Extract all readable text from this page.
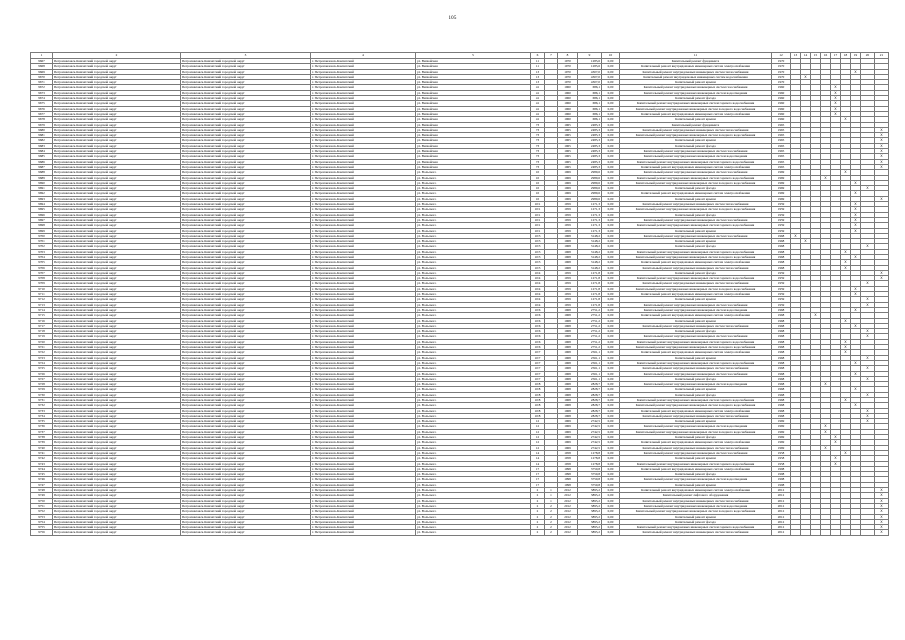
105
1	2	3	4	5	6	7	8	9	10	11	12	13	14	15	16	17	18	19	20	21
9667	Петропавловск-Камчатский городской округ	Петропавловск-Камчатский городской округ	г. Петропавловск-Камчатский	ул. Вилюйская	11		1970	1285,6	0,00	Капитальный ремонт фундамента	1970									
9668	Петропавловск-Камчатский городской округ	Петропавловск-Камчатский городской округ	г. Петропавловск-Камчатский	ул. Вилюйская	11		1970	1285,6	0,00	Капитальный ремонт внутридомовых инженерных систем электроснабжения	1970									
9669	Петропавловск-Камчатский городской округ	Петропавловск-Камчатский городской округ	г. Петропавловск-Камчатский	ул. Вилюйская	13		1970	4307,0	0,00	Капитальный ремонт внутридомовых инженерных систем теплоснабжения	1970							X		
9670	Петропавловск-Камчатский городской округ	Петропавловск-Камчатский городской округ	г. Петропавловск-Камчатский	ул. Вилюйская	13		1970	4307,0	0,00	Капитальный ремонт внутридомовых инженерных систем водоснабжения	1970		X							
9671	Петропавловск-Камчатский городской округ	Петропавловск-Камчатский городской округ	г. Петропавловск-Камчатский	ул. Вилюйская	13		1970	4307,0	0,00	Капитальный ремонт крыши	1970									
9672	Петропавловск-Камчатский городской округ	Петропавловск-Камчатский городской округ	г. Петропавловск-Камчатский	ул. Вилюйская	41		1960	686,1	0,00	Капитальный ремонт внутридомовых инженерных систем газоснабжения	1960					X				
9673	Петропавловск-Камчатский городской округ	Петропавловск-Камчатский городской округ	г. Петропавловск-Камчатский	ул. Вилюйская	41		1960	686,1	0,00	Капитальный ремонт внутридомовых инженерных систем водоотведения	1960					X				
9674	Петропавловск-Камчатский городской округ	Петропавловск-Камчатский городской округ	г. Петропавловск-Камчатский	ул. Вилюйская	41		1960	686,1	0,00	Капитальный ремонт фасада	1960					X				
9675	Петропавловск-Камчатский городской округ	Петропавловск-Камчатский городской округ	г. Петропавловск-Камчатский	ул. Вилюйская	41		1960	686,1	0,00	Капитальный ремонт внутридомовых инженерных систем горячего водоснабжения	1960					X				
9676	Петропавловск-Камчатский городской округ	Петропавловск-Камчатский городской округ	г. Петропавловск-Камчатский	ул. Вилюйская	41		1960	686,1	0,00	Капитальный ремонт внутридомовых инженерных систем холодного водоснабжения	1960					X				
9677	Петропавловск-Камчатский городской округ	Петропавловск-Камчатский городской округ	г. Петропавловск-Камчатский	ул. Вилюйская	41		1960	686,1	0,00	Капитальный ремонт внутридомовых инженерных систем электроснабжения	1960					X				
9678	Петропавловск-Камчатский городской округ	Петропавловск-Камчатский городской округ	г. Петропавловск-Камчатский	ул. Вилюйская	41		1960	686,1	0,00	Капитальный ремонт крыши	1960						X			
9679	Петропавловск-Камчатский городской округ	Петропавловск-Камчатский городской округ	г. Петропавловск-Камчатский	ул. Вилюйская	73		1965	2485,3	0,00	Капитальный ремонт фундамента	1965									
9680	Петропавловск-Камчатский городской округ	Петропавловск-Камчатский городской округ	г. Петропавловск-Камчатский	ул. Вилюйская	73		1965	2485,3	0,00	Капитальный ремонт внутридомовых инженерных систем теплоснабжения	1965									X
9681	Петропавловск-Камчатский городской округ	Петропавловск-Камчатский городской округ	г. Петропавловск-Камчатский	ул. Вилюйская	73		1965	2485,3	0,00	Капитальный ремонт внутридомовых инженерных систем холодного водоснабжения	1965									X
9682	Петропавловск-Камчатский городской округ	Петропавловск-Камчатский городской округ	г. Петропавловск-Камчатский	ул. Вилюйская	73		1965	2485,3	0,00	Капитальный ремонт крыши	1965									X
9683	Петропавловск-Камчатский городской округ	Петропавловск-Камчатский городской округ	г. Петропавловск-Камчатский	ул. Вилюйская	73		1965	2485,3	0,00	Капитальный ремонт фасада	1965									X
9684	Петропавловск-Камчатский городской округ	Петропавловск-Камчатский городской округ	г. Петропавловск-Камчатский	ул. Вилюйская	73		1965	2485,3	0,00	Капитальный ремонт внутридомовых инженерных систем газоснабжения	1965									X
9685	Петропавловск-Камчатский городской округ	Петропавловск-Камчатский городской округ	г. Петропавловск-Камчатский	ул. Вилюйская	73		1965	2485,3	0,00	Капитальный ремонт внутридомовых инженерных систем водоотведения	1965									X
9686	Петропавловск-Камчатский городской округ	Петропавловск-Камчатский городской округ	г. Петропавловск-Камчатский	ул. Вилюйская	73		1965	2485,3	0,00	Капитальный ремонт внутридомовых инженерных систем горячего водоснабжения	1965									X
9687	Петропавловск-Камчатский городской округ	Петропавловск-Камчатский городской округ	г. Петропавловск-Камчатский	ул. Вилюйская	73		1965	2485,3	0,00	Капитальный ремонт внутридомовых инженерных систем электроснабжения	1965									X
9688	Петропавловск-Камчатский городской округ	Петропавловск-Камчатский городской округ	г. Петропавловск-Камчатский	ул. Вольского	10		1969	2989,6	0,00	Капитальный ремонт внутридомовых инженерных систем газоснабжения	1969						X			
9689	Петропавловск-Камчатский городской округ	Петропавловск-Камчатский городской округ	г. Петропавловск-Камчатский	ул. Вольского	10		1969	2989,6	0,00	Капитальный ремонт внутридомовых инженерных систем горячего водоснабжения	1969				X					
9690	Петропавловск-Камчатский городской округ	Петропавловск-Камчатский городской округ	г. Петропавловск-Камчатский	ул. Вольского	10		1969	2989,6	0,00	Капитальный ремонт внутридомовых инженерных систем холодного водоснабжения	1969							X		
9691	Петропавловск-Камчатский городской округ	Петропавловск-Камчатский городской округ	г. Петропавловск-Камчатский	ул. Вольского	10		1969	2989,6	0,00	Капитальный ремонт фасада	1969								X	
9692	Петропавловск-Камчатский городской округ	Петропавловск-Камчатский городской округ	г. Петропавловск-Камчатский	ул. Вольского	10		1969	2989,6	0,00	Капитальный ремонт внутридомовых инженерных систем электроснабжения	1969							X		
9693	Петропавловск-Камчатский городской округ	Петропавловск-Камчатский городской округ	г. Петропавловск-Камчатский	ул. Вольского	10		1969	2989,6	0,00	Капитальный ремонт крыши	1969									X
9694	Петропавловск-Камчатский городской округ	Петропавловск-Камчатский городской округ	г. Петропавловск-Камчатский	ул. Вольского	10/1		1959	1271,3	0,00	Капитальный ремонт внутридомовых инженерных систем теплоснабжения	1959							X		
9695	Петропавловск-Камчатский городской округ	Петропавловск-Камчатский городской округ	г. Петропавловск-Камчатский	ул. Вольского	10/1		1959	1271,3	0,00	Капитальный ремонт внутридомовых инженерных систем холодного водоснабжения	1959							X		
9696	Петропавловск-Камчатский городской округ	Петропавловск-Камчатский городской округ	г. Петропавловск-Камчатский	ул. Вольского	10/1		1959	1271,3	0,00	Капитальный ремонт фасада	1959							X		
9697	Петропавловск-Камчатский городской округ	Петропавловск-Камчатский городской округ	г. Петропавловск-Камчатский	ул. Вольского	10/1		1959	1271,3	0,00	Капитальный ремонт внутридомовых инженерных систем газоснабжения	1959							X		
9698	Петропавловск-Камчатский городской округ	Петропавловск-Камчатский городской округ	г. Петропавловск-Камчатский	ул. Вольского	10/1		1959	1271,3	0,00	Капитальный ремонт внутридомовых инженерных систем горячего водоснабжения	1959							X		
9699	Петропавловск-Камчатский городской округ	Петропавловск-Камчатский городской округ	г. Петропавловск-Камчатский	ул. Вольского	10/1		1959	1271,3	0,00	Капитальный ремонт крыши	1959							X		
9700	Петропавловск-Камчатский городской округ	Петропавловск-Камчатский городской округ	г. Петропавловск-Камчатский	ул. Вольского	10/3		1968	3148,2	0,00	Капитальный ремонт внутридомовых инженерных систем газоснабжения	1968	X								
9701	Петропавловск-Камчатский городской округ	Петропавловск-Камчатский городской округ	г. Петропавловск-Камчатский	ул. Вольского	10/3		1968	3148,2	0,00	Капитальный ремонт крыши	1968		X							
9702	Петропавловск-Камчатский городской округ	Петропавловск-Камчатский городской округ	г. Петропавловск-Камчатский	ул. Вольского	10/3		1968	3148,2	0,00	Капитальный ремонт фасада	1968								X	
9703	Петропавловск-Камчатский городской округ	Петропавловск-Камчатский городской округ	г. Петропавловск-Камчатский	ул. Вольского	10/3		1968	3148,2	0,00	Капитальный ремонт внутридомовых инженерных систем горячего водоснабжения	1968						X			
9704	Петропавловск-Камчатский городской округ	Петропавловск-Камчатский городской округ	г. Петропавловск-Камчатский	ул. Вольского	10/3		1968	3148,2	0,00	Капитальный ремонт внутридомовых инженерных систем холодного водоснабжения	1968							X		
9705	Петропавловск-Камчатский городской округ	Петропавловск-Камчатский городской округ	г. Петропавловск-Камчатский	ул. Вольского	10/3		1968	3148,2	0,00	Капитальный ремонт внутридомовых инженерных систем электроснабжения	1968						X			
9706	Петропавловск-Камчатский городской округ	Петропавловск-Камчатский городской округ	г. Петропавловск-Камчатский	ул. Вольского	10/3		1968	3148,2	0,00	Капитальный ремонт внутридомовых инженерных систем теплоснабжения	1968						X			
9707	Петропавловск-Камчатский городской округ	Петропавловск-Камчатский городской округ	г. Петропавловск-Камчатский	ул. Вольского	10/4		1959	1271,8	0,00	Капитальный ремонт фасада	1959									X
9708	Петропавловск-Камчатский городской округ	Петропавловск-Камчатский городской округ	г. Петропавловск-Камчатский	ул. Вольского	10/4		1959	1271,8	0,00	Капитальный ремонт внутридомовых инженерных систем горячего водоснабжения	1959									X
9709	Петропавловск-Камчатский городской округ	Петропавловск-Камчатский городской округ	г. Петропавловск-Камчатский	ул. Вольского	10/4		1959	1271,8	0,00	Капитальный ремонт внутридомовых инженерных систем теплоснабжения	1959								X	
9710	Петропавловск-Камчатский городской округ	Петропавловск-Камчатский городской округ	г. Петропавловск-Камчатский	ул. Вольского	10/4		1959	1271,8	0,00	Капитальный ремонт внутридомовых инженерных систем холодного водоснабжения	1959							X		
9711	Петропавловск-Камчатский городской округ	Петропавловск-Камчатский городской округ	г. Петропавловск-Камчатский	ул. Вольского	10/4		1959	1271,8	0,00	Капитальный ремонт внутридомовых инженерных систем электроснабжения	1959							X		
9712	Петропавловск-Камчатский городской округ	Петропавловск-Камчатский городской округ	г. Петропавловск-Камчатский	ул. Вольского	10/4		1959	1271,8	0,00	Капитальный ремонт крыши	1959								X	
9713	Петропавловск-Камчатский городской округ	Петропавловск-Камчатский городской округ	г. Петропавловск-Камчатский	ул. Вольского	10/4		1959	1271,8	0,00	Капитальный ремонт внутридомовых инженерных систем газоснабжения	1959								X	
9714	Петропавловск-Камчатский городской округ	Петропавловск-Камчатский городской округ	г. Петропавловск-Камчатский	ул. Вольского	10/6		1968	2751,2	0,00	Капитальный ремонт внутридомовых инженерных систем водоотведения	1968							X		
9715	Петропавловск-Камчатский городской округ	Петропавловск-Камчатский городской округ	г. Петропавловск-Камчатский	ул. Вольского	10/6		1968	2751,2	0,00	Капитальный ремонт внутридомовых инженерных систем электроснабжения	1968			X						
9716	Петропавловск-Камчатский городской округ	Петропавловск-Камчатский городской округ	г. Петропавловск-Камчатский	ул. Вольского	10/6		1968	2751,2	0,00	Капитальный ремонт крыши	1968						X			
9717	Петропавловск-Камчатский городской округ	Петропавловск-Камчатский городской округ	г. Петропавловск-Камчатский	ул. Вольского	10/6		1968	2751,2	0,00	Капитальный ремонт внутридомовых инженерных систем теплоснабжения	1968							X		
9718	Петропавловск-Камчатский городской округ	Петропавловск-Камчатский городской округ	г. Петропавловск-Камчатский	ул. Вольского	10/6		1968	2751,2	0,00	Капитальный ремонт фасада	1968								X	
9719	Петропавловск-Камчатский городской округ	Петропавловск-Камчатский городской округ	г. Петропавловск-Камчатский	ул. Вольского	10/6		1968	2751,2	0,00	Капитальный ремонт внутридомовых инженерных систем газоснабжения	1968								X	
9720	Петропавловск-Камчатский городской округ	Петропавловск-Камчатский городской округ	г. Петропавловск-Камчатский	ул. Вольского	10/6		1968	2751,2	0,00	Капитальный ремонт внутридомовых инженерных систем горячего водоснабжения	1968						X			
9721	Петропавловск-Камчатский городской округ	Петропавловск-Камчатский городской округ	г. Петропавловск-Камчатский	ул. Вольского	10/6		1968	2751,2	0,00	Капитальный ремонт внутридомовых инженерных систем холодного водоснабжения	1968						X			
9722	Петропавловск-Камчатский городской округ	Петропавловск-Камчатский городской округ	г. Петропавловск-Камчатский	ул. Вольского	10/7		1968	2561,1	0,00	Капитальный ремонт внутридомовых инженерных систем электроснабжения	1968						X			
9723	Петропавловск-Камчатский городской округ	Петропавловск-Камчатский городской округ	г. Петропавловск-Камчатский	ул. Вольского	10/7		1968	2561,1	0,00	Капитальный ремонт крыши	1968								X	
9724	Петропавловск-Камчатский городской округ	Петропавловск-Камчатский городской округ	г. Петропавловск-Камчатский	ул. Вольского	10/7		1968	2561,1	0,00	Капитальный ремонт внутридомовых инженерных систем горячего водоснабжения	1968							X		
9725	Петропавловск-Камчатский городской округ	Петропавловск-Камчатский городской округ	г. Петропавловск-Камчатский	ул. Вольского	10/7		1968	2561,1	0,00	Капитальный ремонт внутридомовых инженерных систем теплоснабжения	1968								X	
9726	Петропавловск-Камчатский городской округ	Петропавловск-Камчатский городской округ	г. Петропавловск-Камчатский	ул. Вольского	10/7		1968	2561,1	0,00	Капитальный ремонт внутридомовых инженерных систем газоснабжения	1968							X		
9727	Петропавловск-Камчатский городской округ	Петропавловск-Камчатский городской округ	г. Петропавловск-Камчатский	ул. Вольского	10/7		1968	2561,1	0,00	Капитальный ремонт фасада	1968								X	
9728	Петропавловск-Камчатский городской округ	Петропавловск-Камчатский городской округ	г. Петропавловск-Камчатский	ул. Вольского	10/8		1968	2828,7	0,00	Капитальный ремонт внутридомовых инженерных систем водоотведения	1968				X					
9729	Петропавловск-Камчатский городской округ	Петропавловск-Камчатский городской округ	г. Петропавловск-Камчатский	ул. Вольского	10/8		1968	2828,7	0,00	Капитальный ремонт крыши	1968							X		
9730	Петропавловск-Камчатский городской округ	Петропавловск-Камчатский городской округ	г. Петропавловск-Камчатский	ул. Вольского	10/8		1968	2828,7	0,00	Капитальный ремонт фасада	1968								X	
9731	Петропавловск-Камчатский городской округ	Петропавловск-Камчатский городской округ	г. Петропавловск-Камчатский	ул. Вольского	10/8		1968	2828,7	0,00	Капитальный ремонт внутридомовых инженерных систем горячего водоснабжения	1968						X			
9732	Петропавловск-Камчатский городской округ	Петропавловск-Камчатский городской округ	г. Петропавловск-Камчатский	ул. Вольского	10/8		1968	2828,7	0,00	Капитальный ремонт внутридомовых инженерных систем холодного водоснабжения	1968							X		
9733	Петропавловск-Камчатский городской округ	Петропавловск-Камчатский городской округ	г. Петропавловск-Камчатский	ул. Вольского	10/8		1968	2828,7	0,00	Капитальный ремонт внутридомовых инженерных систем электроснабжения	1968								X	
9734	Петропавловск-Камчатский городской округ	Петропавловск-Камчатский городской округ	г. Петропавловск-Камчатский	ул. Вольского	10/8		1968	2828,7	0,00	Капитальный ремонт внутридомовых инженерных систем теплоснабжения	1968								X	
9735	Петропавловск-Камчатский городской округ	Петропавловск-Камчатский городской округ	г. Петропавловск-Камчатский	ул. Вольского	12		1969	2742,5	0,00	Капитальный ремонт крыши	1969								X	
9736	Петропавловск-Камчатский городской округ	Петропавловск-Камчатский городской округ	г. Петропавловск-Камчатский	ул. Вольского	12		1969	2742,5	0,00	Капитальный ремонт внутридомовых инженерных систем водоотведения	1969				X					
9737	Петропавловск-Камчатский городской округ	Петропавловск-Камчатский городской округ	г. Петропавловск-Камчатский	ул. Вольского	12		1969	2742,5	0,00	Капитальный ремонт внутридомовых инженерных систем холодного водоснабжения	1969				X					
9738	Петропавловск-Камчатский городской округ	Петропавловск-Камчатский городской округ	г. Петропавловск-Камчатский	ул. Вольского	12		1969	2742,5	0,00	Капитальный ремонт фасада	1969					X				
9739	Петропавловск-Камчатский городской округ	Петропавловск-Камчатский городской округ	г. Петропавловск-Камчатский	ул. Вольского	12		1969	2742,5	0,00	Капитальный ремонт внутридомовых инженерных систем электроснабжения	1969					X				
9740	Петропавловск-Камчатский городской округ	Петропавловск-Камчатский городской округ	г. Петропавловск-Камчатский	ул. Вольского	12		1969	2742,5	0,00	Капитальный ремонт внутридомовых инженерных систем теплоснабжения	1969				X					
9741	Петропавловск-Камчатский городской округ	Петропавловск-Камчатский городской округ	г. Петропавловск-Камчатский	ул. Вольского	14		1958	1278,8	0,00	Капитальный ремонт внутридомовых инженерных систем газоснабжения	1958						X			
9742	Петропавловск-Камчатский городской округ	Петропавловск-Камчатский городской округ	г. Петропавловск-Камчатский	ул. Вольского	14		1958	1278,8	0,00	Капитальный ремонт крыши	1958					X				
9743	Петропавловск-Камчатский городской округ	Петропавловск-Камчатский городской округ	г. Петропавловск-Камчатский	ул. Вольского	14		1958	1278,8	0,00	Капитальный ремонт внутридомовых инженерных систем горячего водоснабжения	1958					X				
9744	Петропавловск-Камчатский городской округ	Петропавловск-Камчатский городской округ	г. Петропавловск-Камчатский	ул. Вольского	17		1998	3750,8	0,00	Капитальный ремонт внутридомовых инженерных систем электроснабжения	1998									
9745	Петропавловск-Камчатский городской округ	Петропавловск-Камчатский городской округ	г. Петропавловск-Камчатский	ул. Вольского	17		1998	3750,8	0,00	Капитальный ремонт фасада	1998									
9746	Петропавловск-Камчатский городской округ	Петропавловск-Камчатский городской округ	г. Петропавловск-Камчатский	ул. Вольского	17		1998	3750,8	0,00	Капитальный ремонт внутридомовых инженерных систем водоотведения	1998									
9747	Петропавловск-Камчатский городской округ	Петропавловск-Камчатский городской округ	г. Петропавловск-Камчатский	ул. Вольского	17		1998	3750,8	0,00	Капитальный ремонт крыши	1998									
9748	Петропавловск-Камчатский городской округ	Петропавловск-Камчатский городской округ	г. Петропавловск-Камчатский	ул. Вольского	2	1	2012	3895,2	0,00	Капитальный ремонт внутридомовых инженерных систем электроснабжения	2012									X
9749	Петропавловск-Камчатский городской округ	Петропавловск-Камчатский городской округ	г. Петропавловск-Камчатский	ул. Вольского	2	1	2012	3895,2	0,00	Капитальный ремонт лифтового оборудования	2012									X
9750	Петропавловск-Камчатский городской округ	Петропавловск-Камчатский городской округ	г. Петропавловск-Камчатский	ул. Вольского	2	1	2012	3895,2	0,00	Капитальный ремонт внутридомовых инженерных систем теплоснабжения	2012									X
9751	Петропавловск-Камчатский городской округ	Петропавловск-Камчатский городской округ	г. Петропавловск-Камчатский	ул. Вольского	2	2	2012	3895,2	0,00	Капитальный ремонт внутридомовых инженерных систем водоотведения	2012									X
9752	Петропавловск-Камчатский городской округ	Петропавловск-Камчатский городской округ	г. Петропавловск-Камчатский	ул. Вольского	2	2	2012	3895,2	0,00	Капитальный ремонт внутридомовых инженерных систем холодного водоснабжения	2012									X
9753	Петропавловск-Камчатский городской округ	Петропавловск-Камчатский городской округ	г. Петропавловск-Камчатский	ул. Вольского	2	2	2012	3895,2	0,00	Капитальный ремонт крыши	2012									X
9754	Петропавловск-Камчатский городской округ	Петропавловск-Камчатский городской округ	г. Петропавловск-Камчатский	ул. Вольского	2	2	2012	3895,2	0,00	Капитальный ремонт фасада	2012									X
9755	Петропавловск-Камчатский городской округ	Петропавловск-Камчатский городской округ	г. Петропавловск-Камчатский	ул. Вольского	2	2	2012	3895,2	0,00	Капитальный ремонт внутридомовых инженерных систем горячего водоснабжения	2012									X
9756	Петропавловск-Камчатский городской округ	Петропавловск-Камчатский городской округ	г. Петропавловск-Камчатский	ул. Вольского	2	2	2012	3895,2	0,00	Капитальный ремонт внутридомовых инженерных систем теплоснабжения	2012									X
